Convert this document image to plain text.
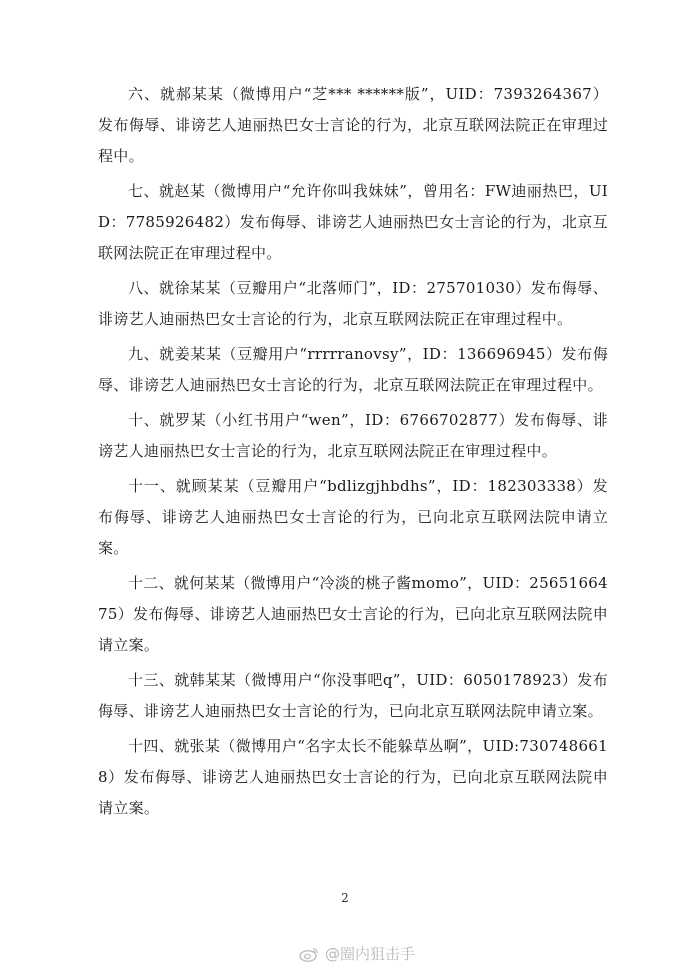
六、就郝某某（微博用户“芝*** ******版”，UID：7393264367）发布侮辱、诽谤艺人迪丽热巴女士言论的行为，北京互联网法院正在审理过程中。

七、就赵某（微博用户“允许你叫我妹妹”，曾用名：FW迪丽热巴，UID：7785926482）发布侮辱、诽谤艺人迪丽热巴女士言论的行为，北京互联网法院正在审理过程中。

八、就徐某某（豆瓣用户“北落师门”，ID：275701030）发布侮辱、诽谤艺人迪丽热巴女士言论的行为，北京互联网法院正在审理过程中。

九、就姜某某（豆瓣用户“rrrrranovsy”，ID：136696945）发布侮辱、诽谤艺人迪丽热巴女士言论的行为，北京互联网法院正在审理过程中。

十、就罗某（小红书用户“wen”，ID：6766702877）发布侮辱、诽谤艺人迪丽热巴女士言论的行为，北京互联网法院正在审理过程中。

十一、就顾某某（豆瓣用户“bdlizgjhbdhs”，ID：182303338）发布侮辱、诽谤艺人迪丽热巴女士言论的行为，已向北京互联网法院申请立案。

十二、就何某某（微博用户“冷淡的桃子酱momo”，UID：2565166475）发布侮辱、诽谤艺人迪丽热巴女士言论的行为，已向北京互联网法院申请立案。

十三、就韩某某（微博用户“你没事吧q”，UID：6050178923）发布侮辱、诽谤艺人迪丽热巴女士言论的行为，已向北京互联网法院申请立案。

十四、就张某（微博用户“名字太长不能躲草丛啊”，UID:7307486618）发布侮辱、诽谤艺人迪丽热巴女士言论的行为，已向北京互联网法院申请立案。

2
@圈内狙击手
